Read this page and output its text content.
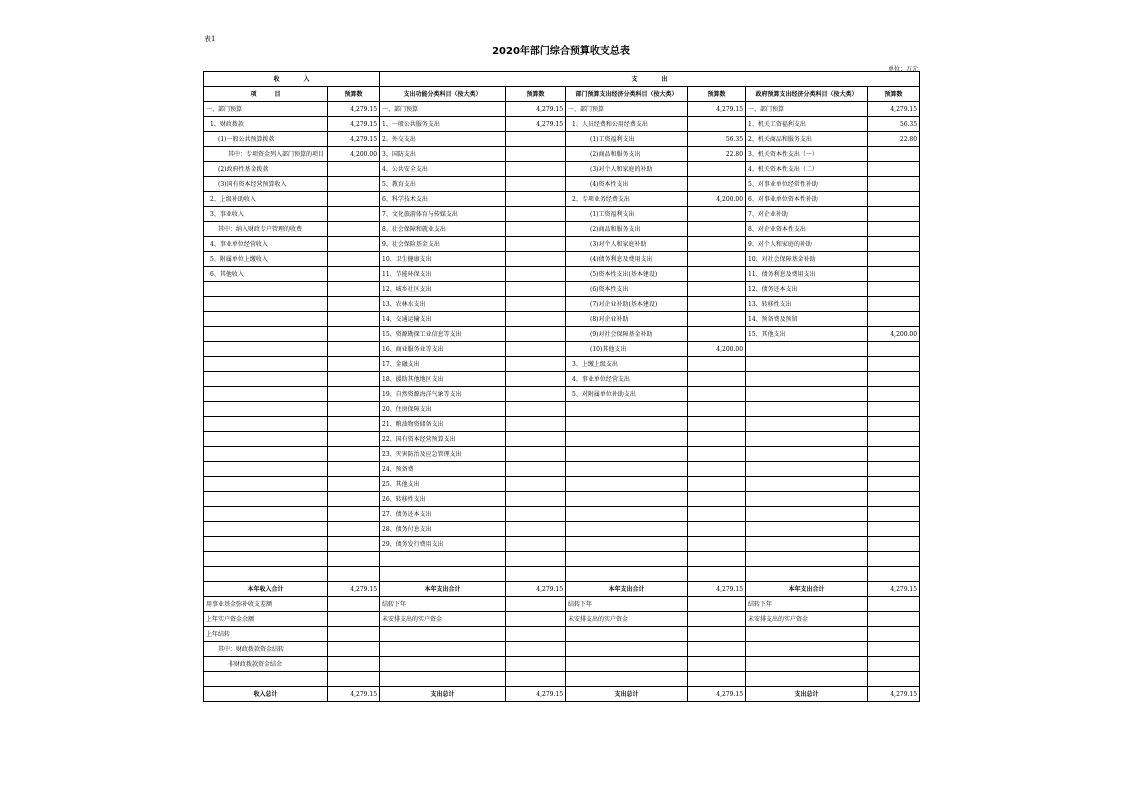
表1
2020年部门综合预算收支总表
单位：万元
收　　　　入		支　　　　出					
项　　　目	预算数	支出功能分类科目（按大类）	预算数	部门预算支出经济分类科目（按大类）	预算数	政府预算支出经济分类科目（按大类）	预算数
一、部门预算	4,279.15	一、部门预算	4,279.15	一、部门预算	4,279.15	一、部门预算	4,279.15
1、财政拨款	4,279.15	1、一般公共服务支出	4,279.15	1、人员经费和公用经费支出		1、机关工资福利支出	56.35
(1)一般公共预算拨款	4,279.15	2、外交支出		(1)工资福利支出	56.35	2、机关商品和服务支出	22.80
其中：专项资金列入部门预算的项目	4,200.00	3、国防支出		(2)商品和服务支出	22.80	3、机关资本性支出（一）	
(2)政府性基金拨款		4、公共安全支出		(3)对个人和家庭的补助		4、机关资本性支出（二）	
(3)国有资本经营预算收入		5、教育支出		(4)资本性支出		5、对事业单位经常性补助	
2、上级补助收入		6、科学技术支出		2、专项业务经费支出	4,200.00	6、对事业单位资本性补助	
3、事业收入		7、文化旅游体育与传媒支出		(1)工资福利支出		7、对企业补助	
其中：纳入财政专户管理的收费		8、社会保障和就业支出		(2)商品和服务支出		8、对企业资本性支出	
4、事业单位经营收入		9、社会保险基金支出		(3)对个人和家庭补助		9、对个人和家庭的补助	
5、附属单位上缴收入		10、卫生健康支出		(4)债务利息及费用支出		10、对社会保障基金补助	
6、其他收入		11、节能环保支出		(5)资本性支出(基本建设)		11、债务利息及费用支出	
		12、城乡社区支出		(6)资本性支出		12、债务还本支出	
		13、农林水支出		(7)对企业补助(基本建设)		13、转移性支出	
		14、交通运输支出		(8)对企业补助		14、预备费及预留	
		15、资源勘探工业信息等支出		(9)对社会保障基金补助		15、其他支出	4,200.00
		16、商业服务业等支出		(10)其他支出	4,200.00		
		17、金融支出		3、上缴上级支出			
		18、援助其他地区支出		4、事业单位经营支出			
		19、自然资源海洋气象等支出		5、对附属单位补助支出			
		20、住房保障支出					
		21、粮油物资储备支出					
		22、国有资本经营预算支出					
		23、灾害防治及应急管理支出					
		24、预备费					
		25、其他支出					
		26、转移性支出					
		27、债务还本支出					
		28、债务付息支出					
		29、债务发行费用支出					

本年收入合计	4,279.15	本年支出合计	4,279.15	本年支出合计	4,279.15	本年支出合计	4,279.15
用事业基金弥补收支差额		结转下年		结转下年		结转下年	
上年实户资金余额		未安排支出的实户资金		未安排支出的实户资金		未安排支出的实户资金	
上年结转							
其中：财政拨款资金结转							
非财政拨款资金结余							

收入总计	4,279.15	支出总计	4,279.15	支出总计	4,279.15	支出总计	4,279.15
